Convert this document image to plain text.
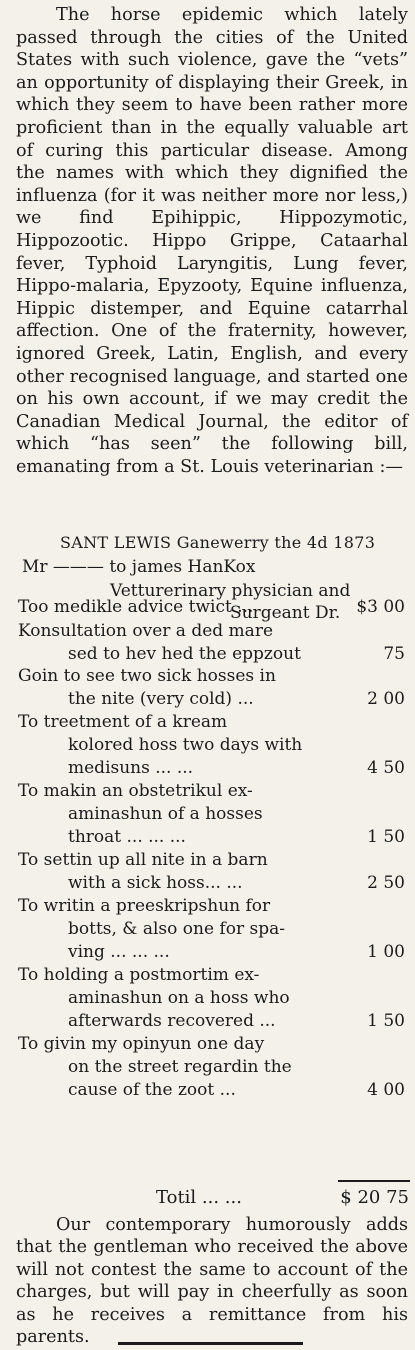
The horse epidemic which lately passed through the cities of the United States with such violence, gave the “vets” an opportunity of displaying their Greek, in which they seem to have been rather more proficient than in the equally valuable art of curing this particular disease. Among the names with which they dignified the influenza (for it was neither more nor less,) we find Epihippic, Hippozymotic, Hippozootic. Hippo Grippe, Cataarhal fever, Typhoid Laryngitis, Lung fever, Hippo-malaria, Epyzooty, Equine influenza, Hippic distemper, and Equine catarrhal affection. One of the fraternity, however, ignored Greek, Latin, English, and every other recognised language, and started one on his own account, if we may credit the Canadian Medical Journal, the editor of which “has seen” the following bill, emanating from a St. Louis veterinarian :—

SANT LEWIS Ganewerry the 4d 1873
Mr ——— to james HanKox
Vetturerinary physician and
Surgeant Dr.
Too medikle advice twict ...	$3 00
Konsultation over a ded mare
sed to hev hed the eppzout	75
Goin to see two sick hosses in
the nite (very cold) ...	2 00
To treetment of a kream
kolored hoss two days with
medisuns ... ...	4 50
To makin an obstetrikul ex-
aminashun of a hosses
throat ... ... ...	1 50
To settin up all nite in a barn
with a sick hoss... ...	2 50
To writin a preeskripshun for
botts, & also one for spa-
ving ... ... ...	1 00
To holding a postmortim ex-
aminashun on a hoss who
afterwards recovered ...	1 50
To givin my opinyun one day
on the street regardin the
cause of the zoot ...	4 00
Totil ... ...	$ 20 75

Our contemporary humorously adds that the gentleman who received the above will not contest the same to account of the charges, but will pay in cheerfully as soon as he receives a remittance from his parents.
